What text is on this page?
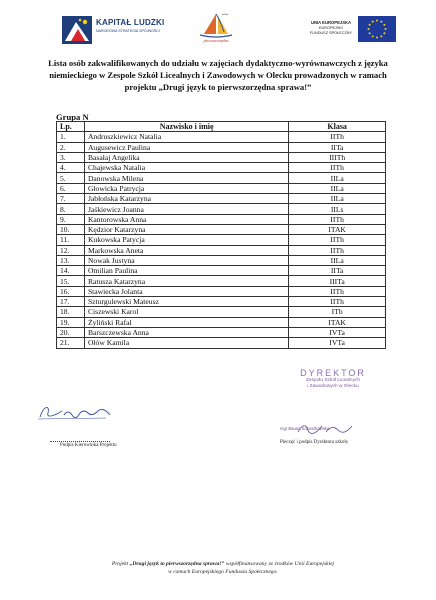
KAPITAŁ LUDZKI
NARODOWA STRATEGIA SPÓJNOŚCI
pierwszorzędna
UNIA EUROPEJSKA
EUROPEJSKI
FUNDUSZ SPOŁECZNY
Lista osób zakwalifikowanych do udziału w zajęciach dydaktyczno-wyrównawczych z języka niemieckiego w Zespole Szkół Licealnych i Zawodowych w Olecku prowadzonych w ramach projektu „Drugi język to pierwszorzędna sprawa!”
Grupa N
Lp.	Nazwisko i imię	Klasa
1.	Andruszkiewicz Natalia	IITh
2.	Augusewicz Paulina	IITa
3.	Basałaj Angelika	IIITh
4.	Chajewska Natalia	IITh
5.	Danowska Milena	IILa
6.	Głowicka Patrycja	IILa
7.	Jabłońska Katarzyna	IILa
8.	Jaśkiewicz Joanna	IILs
9.	Kantorowska Anna	IITh
10.	Kędzior Katarzyna	ITAK
11.	Kukowska Patycja	IITh
12.	Markowska Aneta	IITh
13.	Nowak Justyna	IILa
14.	Omilian Paulina	IITa
15.	Ratusza Katarzyna	IIITa
16.	Stawiecka Jolanta	IITh
17.	Szturgulewski Mateusz	IITh
18.	Ciszewski Karol	ITb
19.	Żyliński Rafał	ITAK
20.	Barszczewska Anna	IVTa
21.	Ołów Kamila	IVTa
DYREKTOR
Zespołu Szkół Licealnych
i Zawodowych w Olecku
mgr Bauna Sokoszkowska
Pieczęć i podpis Dyrektora szkoły
Podpis Kierownika Projektu
Projekt „Drugi język to pierwszorzędna sprawa!” współfinansowany ze środków Unii Europejskiej
w ramach Europejskiego Funduszu Społecznego.
